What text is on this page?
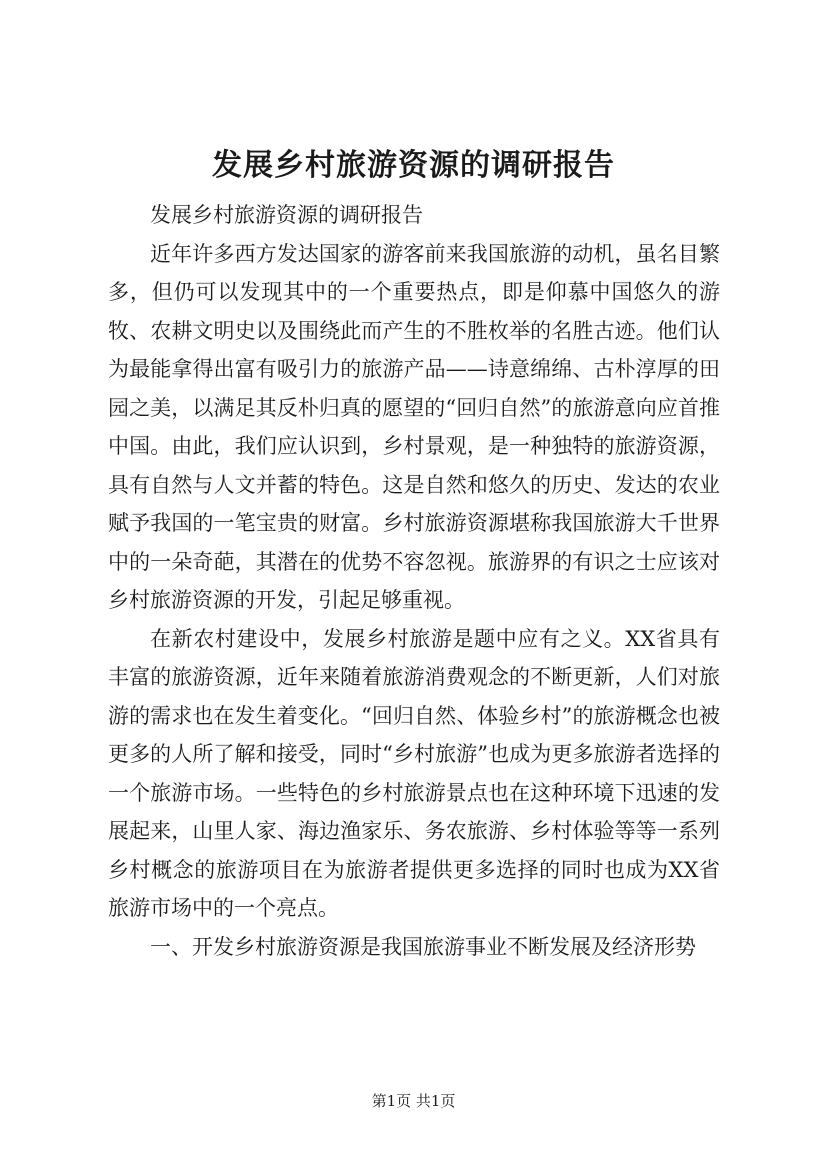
发展乡村旅游资源的调研报告

发展乡村旅游资源的调研报告

近年许多西方发达国家的游客前来我国旅游的动机，虽名目繁多，但仍可以发现其中的一个重要热点，即是仰慕中国悠久的游牧、农耕文明史以及围绕此而产生的不胜枚举的名胜古迹。他们认为最能拿得出富有吸引力的旅游产品——诗意绵绵、古朴淳厚的田园之美，以满足其反朴归真的愿望的“回归自然”的旅游意向应首推中国。由此，我们应认识到，乡村景观，是一种独特的旅游资源，具有自然与人文并蓄的特色。这是自然和悠久的历史、发达的农业赋予我国的一笔宝贵的财富。乡村旅游资源堪称我国旅游大千世界中的一朵奇葩，其潜在的优势不容忽视。旅游界的有识之士应该对乡村旅游资源的开发，引起足够重视。

在新农村建设中，发展乡村旅游是题中应有之义。XX省具有丰富的旅游资源，近年来随着旅游消费观念的不断更新，人们对旅游的需求也在发生着变化。“回归自然、体验乡村”的旅游概念也被更多的人所了解和接受，同时“乡村旅游”也成为更多旅游者选择的一个旅游市场。一些特色的乡村旅游景点也在这种环境下迅速的发展起来，山里人家、海边渔家乐、务农旅游、乡村体验等等一系列乡村概念的旅游项目在为旅游者提供更多选择的同时也成为XX省旅游市场中的一个亮点。

一、开发乡村旅游资源是我国旅游事业不断发展及经济形势

第1页 共1页
